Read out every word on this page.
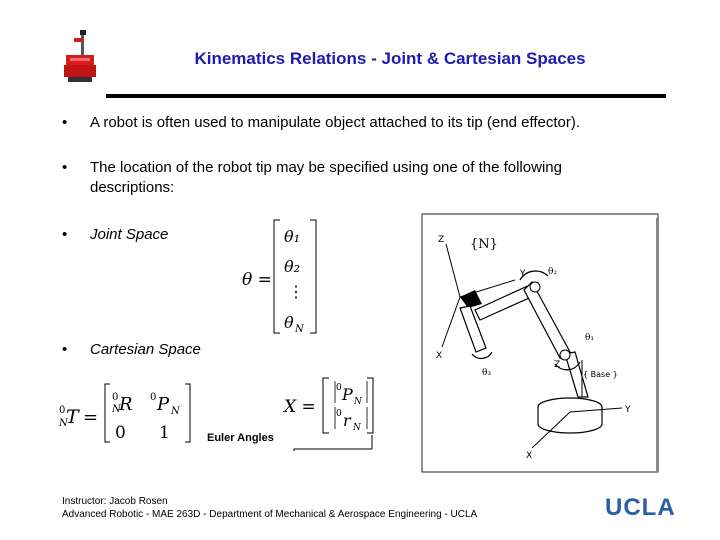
Kinematics Relations - Joint & Cartesian Spaces
• A robot is often used to manipulate object attached to its tip (end effector).
• The location of the robot tip may be specified using one of the following descriptions:
• Joint Space
• Cartesian Space
θ =
θ₁
θ₂
⋮
θ N
0
N
T =
0
N
R 0 P N
0 1
X =
0 P N
0 r N
Euler Angles
Z
Y
X
{N}
θ₂
θ₁
θ₃
Z
{ Base }
Y
X
Instructor: Jacob Rosen
Advanced Robotic - MAE 263D - Department of Mechanical & Aerospace Engineering - UCLA	UCLA
